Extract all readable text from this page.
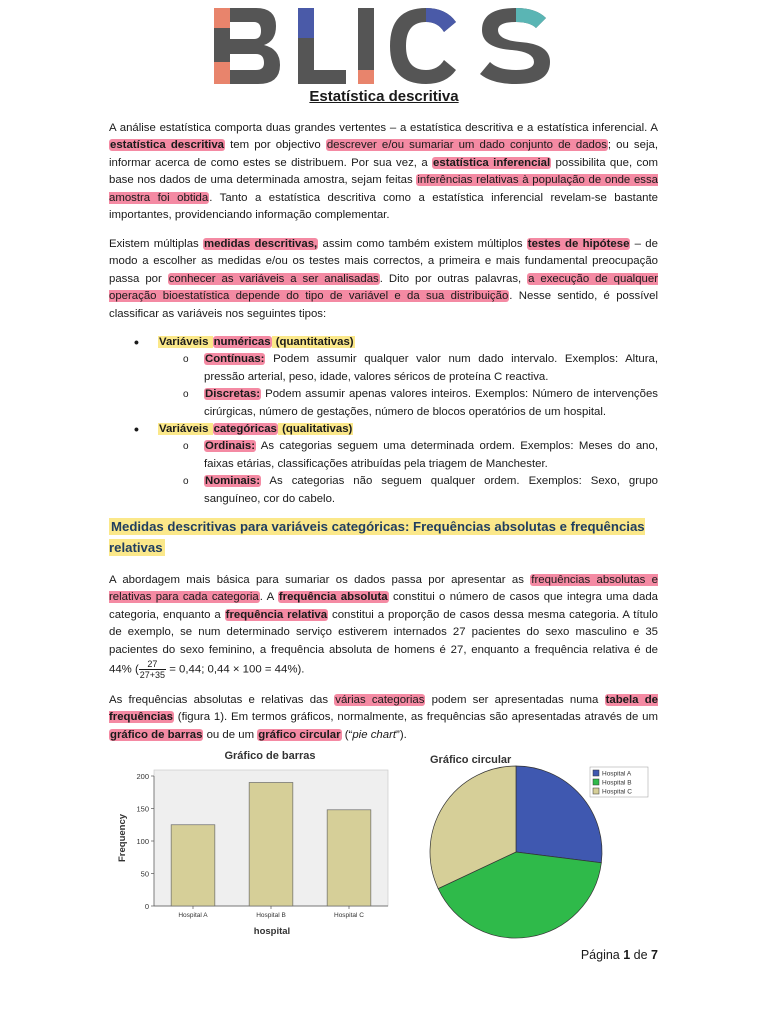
Estatística descritiva

A análise estatística comporta duas grandes vertentes – a estatística descritiva e a estatística inferencial. A estatística descritiva tem por objectivo descrever e/ou sumariar um dado conjunto de dados; ou seja, informar acerca de como estes se distribuem. Por sua vez, a estatística inferencial possibilita que, com base nos dados de uma determinada amostra, sejam feitas inferências relativas à população de onde essa amostra foi obtida. Tanto a estatística descritiva como a estatística inferencial revelam-se bastante importantes, providenciando informação complementar.

Existem múltiplas medidas descritivas, assim como também existem múltiplos testes de hipótese – de modo a escolher as medidas e/ou os testes mais correctos, a primeira e mais fundamental preocupação passa por conhecer as variáveis a ser analisadas. Dito por outras palavras, a execução de qualquer operação bioestatística depende do tipo de variável e da sua distribuição. Nesse sentido, é possível classificar as variáveis nos seguintes tipos:

• Variáveis numéricas (quantitativas)
o Contínuas: Podem assumir qualquer valor num dado intervalo. Exemplos: Altura, pressão arterial, peso, idade, valores séricos de proteína C reactiva.
o Discretas: Podem assumir apenas valores inteiros. Exemplos: Número de intervenções cirúrgicas, número de gestações, número de blocos operatórios de um hospital.
• Variáveis categóricas (qualitativas)
o Ordinais: As categorias seguem uma determinada ordem. Exemplos: Meses do ano, faixas etárias, classificações atribuídas pela triagem de Manchester.
o Nominais: As categorias não seguem qualquer ordem. Exemplos: Sexo, grupo sanguíneo, cor do cabelo.
Medidas descritivas para variáveis categóricas: Frequências absolutas e frequências relativas

A abordagem mais básica para sumariar os dados passa por apresentar as frequências absolutas e relativas para cada categoria. A frequência absoluta constitui o número de casos que integra uma dada categoria, enquanto a frequência relativa constitui a proporção de casos dessa mesma categoria. A título de exemplo, se num determinado serviço estiverem internados 27 pacientes do sexo masculino e 35 pacientes do sexo feminino, a frequência absoluta de homens é 27, enquanto a frequência relativa é de 44% ( $\frac{27}{27+35} = 0,44$; 0,44 × 100 = 44%).

As frequências absolutas e relativas das várias categorias podem ser apresentadas numa tabela de frequências (figura 1). Em termos gráficos, normalmente, as frequências são apresentadas através de um gráfico de barras ou de um gráfico circular (“pie chart”).

Gráfico de barras
0
50
100
150
200
Hospital A	Hospital B	Hospital C
hospital
Frequency
Gráfico circular
Hospital A
Hospital B
Hospital C
Página 1 de 7
